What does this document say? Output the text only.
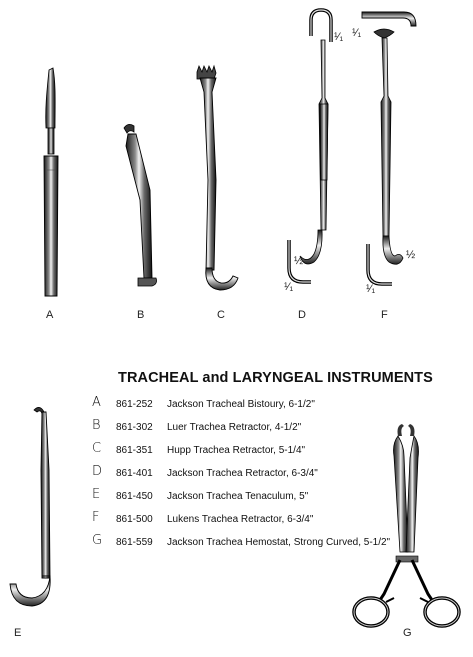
¹⁄₁
½
¹⁄₁
¹⁄₁
½
¹⁄₁
A	B	C	D	F
E	G
TRACHEAL and LARYNGEAL INSTRUMENTS
A 861-252 Jackson Tracheal Bistoury, 6-1/2"
B 861-302 Luer Trachea Retractor, 4-1/2"
C 861-351 Hupp Trachea Retractor, 5-1/4"
D 861-401 Jackson Trachea Retractor, 6-3/4"
E 861-450 Jackson Trachea Tenaculum, 5"
F 861-500 Lukens Trachea Retractor, 6-3/4"
G 861-559 Jackson Trachea Hemostat, Strong Curved, 5-1/2"
